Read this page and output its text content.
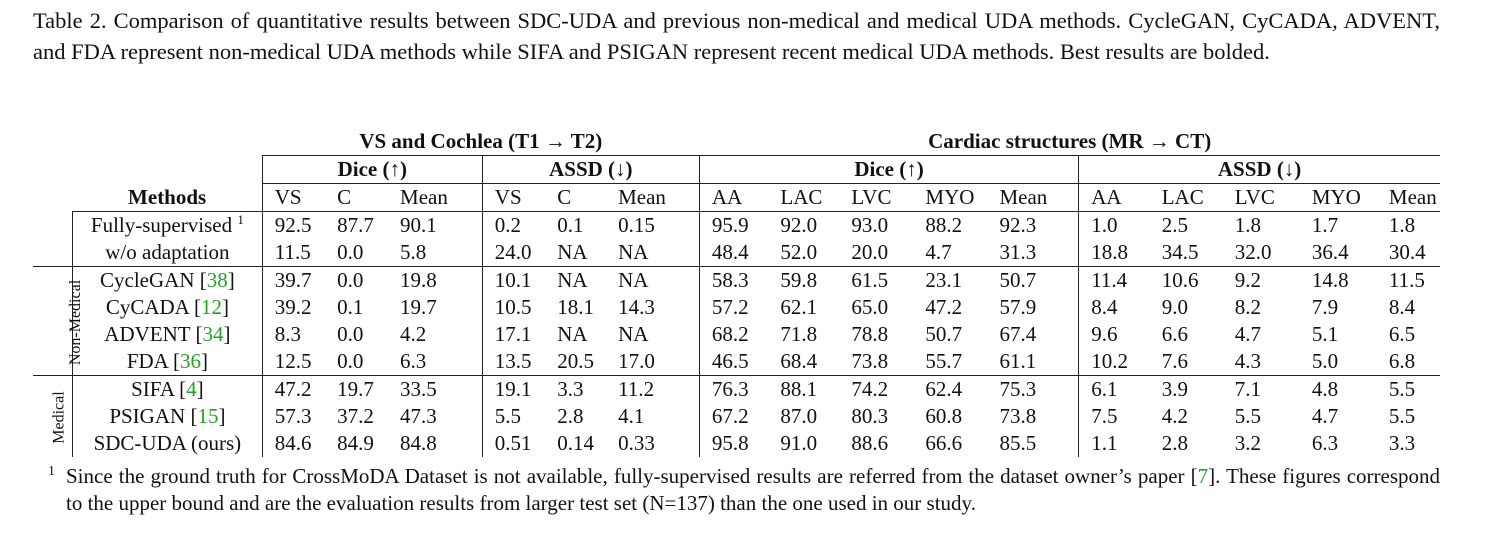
Table 2. Comparison of quantitative results between SDC-UDA and previous non-medical and medical UDA methods. CycleGAN, CyCADA, ADVENT, and FDA represent non-medical UDA methods while SIFA and PSIGAN represent recent medical UDA methods. Best results are bolded.
		VS and Cochlea (T1 → T2)						Cardiac structures (MR → CT)									
		Dice (↑)			ASSD (↓)			Dice (↑)					ASSD (↓)				
	Methods	VS	C	Mean	VS	C	Mean	AA	LAC	LVC	MYO	Mean	AA	LAC	LVC	MYO	Mean
	Fully-supervised $^1$	92.5	87.7	90.1	0.2	0.1	0.15	95.9	92.0	93.0	88.2	92.3	1.0	2.5	1.8	1.7	1.8
	w/o adaptation	11.5	0.0	5.8	24.0	NA	NA	48.4	52.0	20.0	4.7	31.3	18.8	34.5	32.0	36.4	30.4
Non-Medical	CycleGAN [38]	39.7	0.0	19.8	10.1	NA	NA	58.3	59.8	61.5	23.1	50.7	11.4	10.6	9.2	14.8	11.5
	CyCADA [12]	39.2	0.1	19.7	10.5	18.1	14.3	57.2	62.1	65.0	47.2	57.9	8.4	9.0	8.2	7.9	8.4
	ADVENT [34]	8.3	0.0	4.2	17.1	NA	NA	68.2	71.8	78.8	50.7	67.4	9.6	6.6	4.7	5.1	6.5
	FDA [36]	12.5	0.0	6.3	13.5	20.5	17.0	46.5	68.4	73.8	55.7	61.1	10.2	7.6	4.3	5.0	6.8
Medical	SIFA [4]	47.2	19.7	33.5	19.1	3.3	11.2	76.3	88.1	74.2	62.4	75.3	6.1	3.9	7.1	4.8	5.5
	PSIGAN [15]	57.3	37.2	47.3	5.5	2.8	4.1	67.2	87.0	80.3	60.8	73.8	7.5	4.2	5.5	4.7	5.5
	SDC-UDA (ours)	84.6	84.9	84.8	0.51	0.14	0.33	95.8	91.0	88.6	66.6	85.5	1.1	2.8	3.2	6.3	3.3
1 Since the ground truth for CrossMoDA Dataset is not available, fully-supervised results are referred from the dataset owner’s paper [7]. These figures correspond to the upper bound and are the evaluation results from larger test set (N=137) than the one used in our study.
